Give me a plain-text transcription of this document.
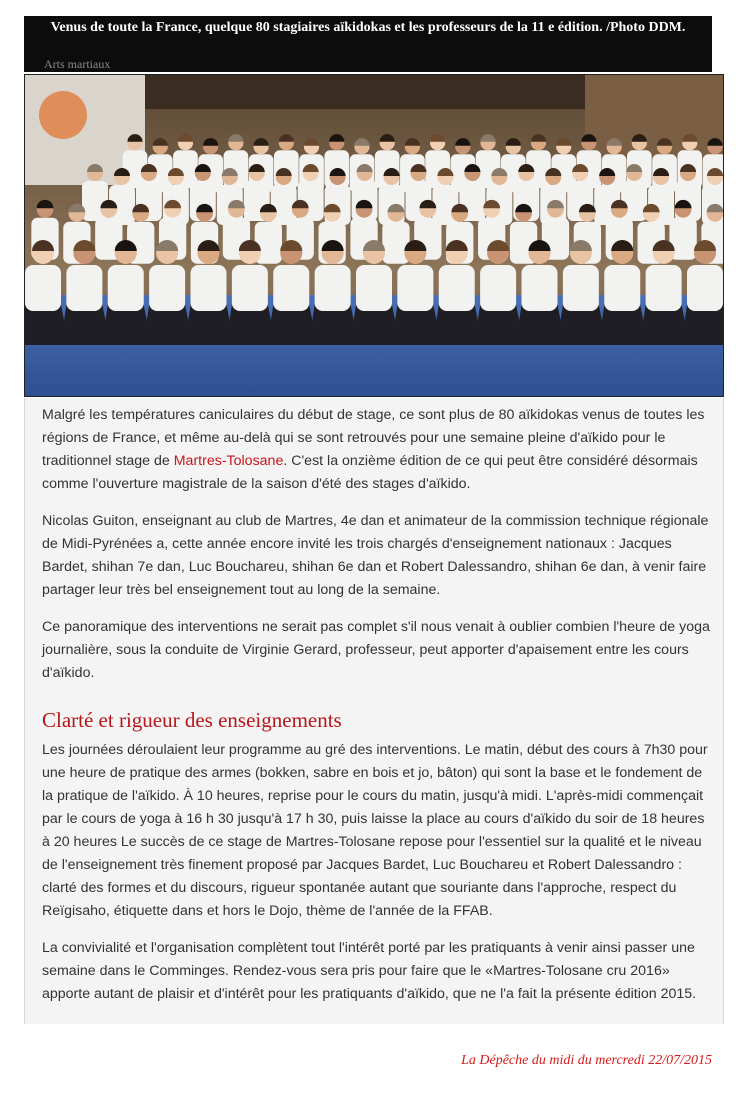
Venus de toute la France, quelque 80 stagiaires aïkidokas et les professeurs de la 11 e édition. /Photo DDM.
Arts martiaux

Malgré les températures caniculaires du début de stage, ce sont plus de 80 aïkidokas venus de toutes les régions de France, et même au-delà qui se sont retrouvés pour une semaine pleine d'aïkido pour le traditionnel stage de Martres-Tolosane. C'est la onzième édition de ce qui peut être considéré désormais comme l'ouverture magistrale de la saison d'été des stages d'aïkido.

Nicolas Guiton, enseignant au club de Martres, 4e dan et animateur de la commission technique régionale de Midi-Pyrénées a, cette année encore invité les trois chargés d'enseignement nationaux : Jacques Bardet, shihan 7e dan, Luc Bouchareu, shihan 6e dan et Robert Dalessandro, shihan 6e dan, à venir faire partager leur très bel enseignement tout au long de la semaine.

Ce panoramique des interventions ne serait pas complet s'il nous venait à oublier combien l'heure de yoga journalière, sous la conduite de Virginie Gerard, professeur, peut apporter d'apaisement entre les cours d'aïkido.

Clarté et rigueur des enseignements

Les journées déroulaient leur programme au gré des interventions. Le matin, début des cours à 7h30 pour une heure de pratique des armes (bokken, sabre en bois et jo, bâton) qui sont la base et le fondement de la pratique de l'aïkido. À 10 heures, reprise pour le cours du matin, jusqu'à midi. L'après-midi commençait par le cours de yoga à 16 h 30 jusqu'à 17 h 30, puis laisse la place au cours d'aïkido du soir de 18 heures à 20 heures Le succès de ce stage de Martres-Tolosane repose pour l'essentiel sur la qualité et le niveau de l'enseignement très finement proposé par Jacques Bardet, Luc Bouchareu et Robert Dalessandro : clarté des formes et du discours, rigueur spontanée autant que souriante dans l'approche, respect du Reïgisaho, étiquette dans et hors le Dojo, thème de l'année de la FFAB.

La convivialité et l'organisation complètent tout l'intérêt porté par les pratiquants à venir ainsi passer une semaine dans le Comminges. Rendez-vous sera pris pour faire que le «Martres-Tolosane cru 2016» apporte autant de plaisir et d'intérêt pour les pratiquants d'aïkido, que ne l'a fait la présente édition 2015.

La Dépêche du midi du mercredi 22/07/2015
